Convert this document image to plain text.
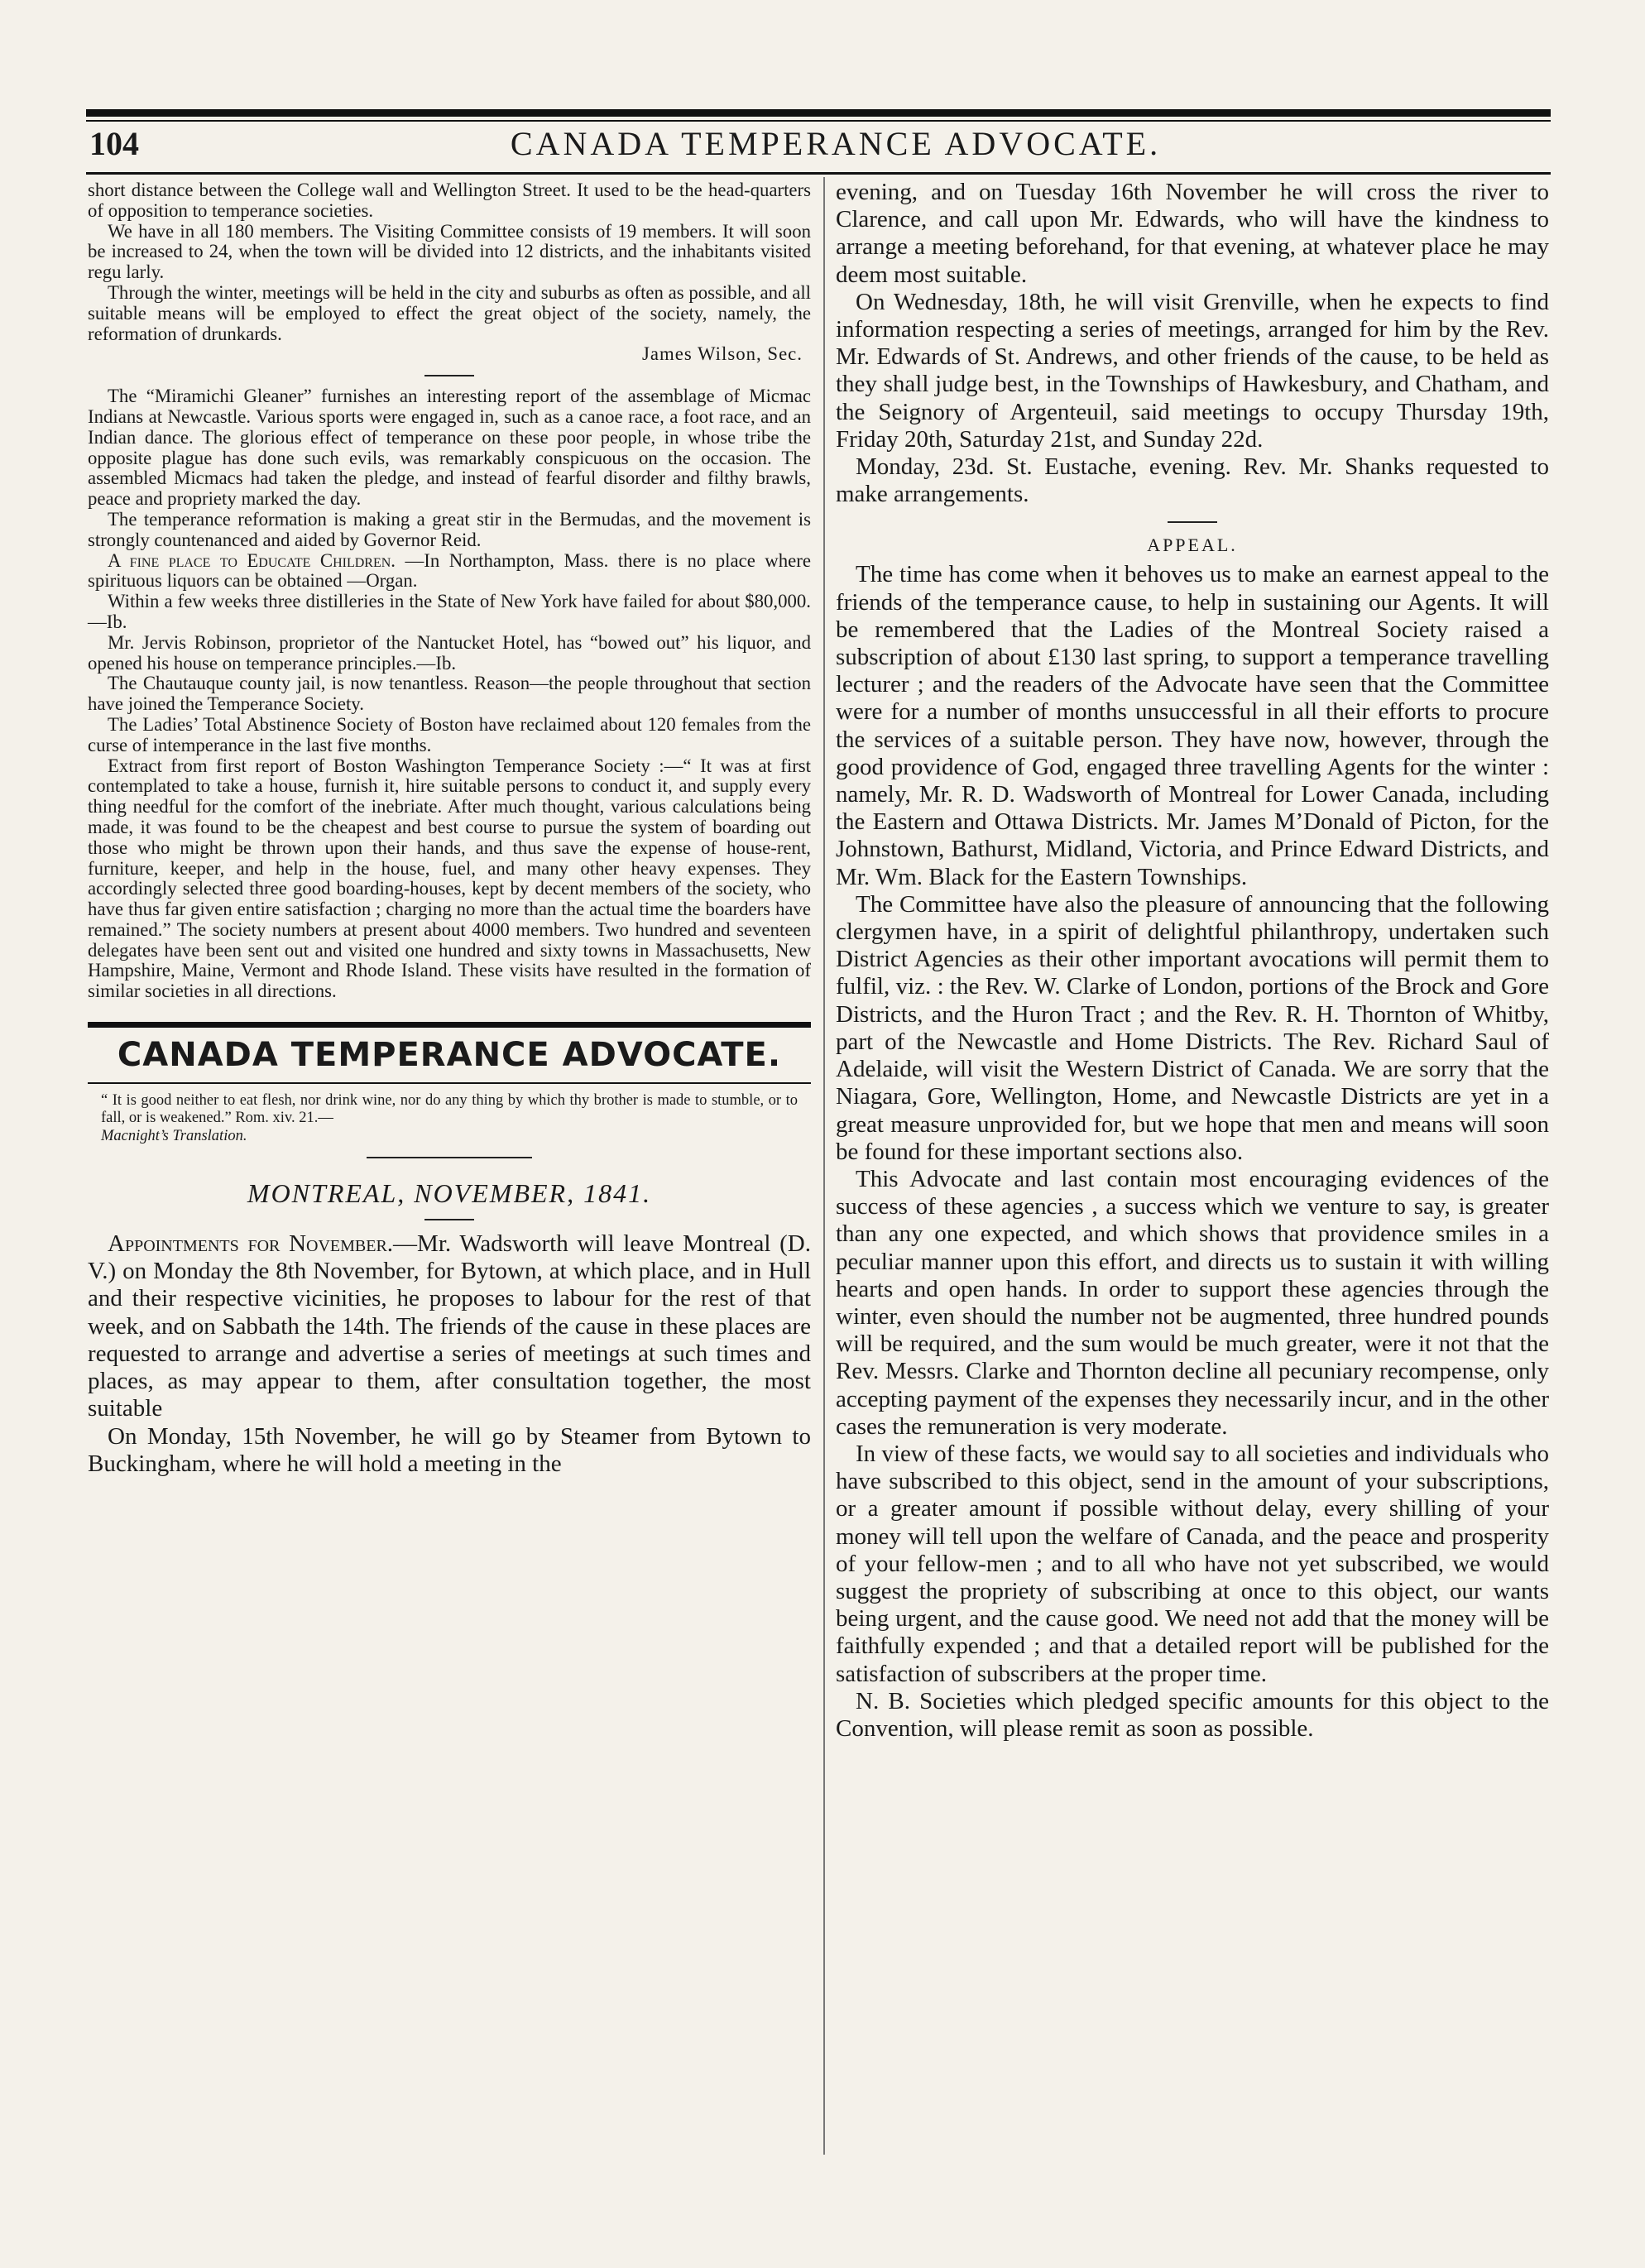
104	CANADA TEMPERANCE ADVOCATE.

short distance between the College wall and Wellington Street. It used to be the head-quarters of opposition to temperance societies.

We have in all 180 members. The Visiting Committee consists of 19 members. It will soon be increased to 24, when the town will be divided into 12 districts, and the inhabitants visited regu larly.

Through the winter, meetings will be held in the city and suburbs as often as possible, and all suitable means will be employed to effect the great object of the society, namely, the reformation of drunkards.

James Wilson, Sec.

The “Miramichi Gleaner” furnishes an interesting report of the assemblage of Micmac Indians at Newcastle. Various sports were engaged in, such as a canoe race, a foot race, and an Indian dance. The glorious effect of temperance on these poor people, in whose tribe the opposite plague has done such evils, was remarkably conspicuous on the occasion. The assembled Micmacs had taken the pledge, and instead of fearful disorder and filthy brawls, peace and propriety marked the day.

The temperance reformation is making a great stir in the Bermudas, and the movement is strongly countenanced and aided by Governor Reid.

A fine place to Educate Children. —In Northampton, Mass. there is no place where spirituous liquors can be obtained —Organ.

Within a few weeks three distilleries in the State of New York have failed for about $80,000.—Ib.

Mr. Jervis Robinson, proprietor of the Nantucket Hotel, has “bowed out” his liquor, and opened his house on temperance principles.—Ib.

The Chautauque county jail, is now tenantless. Reason—the people throughout that section have joined the Temperance Society.

The Ladies’ Total Abstinence Society of Boston have reclaimed about 120 females from the curse of intemperance in the last five months.

Extract from first report of Boston Washington Temperance Society :—“ It was at first contemplated to take a house, furnish it, hire suitable persons to conduct it, and supply every thing needful for the comfort of the inebriate. After much thought, various calculations being made, it was found to be the cheapest and best course to pursue the system of boarding out those who might be thrown upon their hands, and thus save the expense of house-rent, furniture, keeper, and help in the house, fuel, and many other heavy expenses. They accordingly selected three good boarding-houses, kept by decent members of the society, who have thus far given entire satisfaction ; charging no more than the actual time the boarders have remained.” The society numbers at present about 4000 members. Two hundred and seventeen delegates have been sent out and visited one hundred and sixty towns in Massachusetts, New Hampshire, Maine, Vermont and Rhode Island. These visits have resulted in the formation of similar societies in all directions.

CANADA TEMPERANCE ADVOCATE.

“ It is good neither to eat flesh, nor drink wine, nor do any thing by which thy brother is made to stumble, or to fall, or is weakened.” Rom. xiv. 21.—

Macnight’s Translation.

MONTREAL, NOVEMBER, 1841.

Appointments for November.—Mr. Wadsworth will leave Montreal (D. V.) on Monday the 8th November, for Bytown, at which place, and in Hull and their respective vicinities, he proposes to labour for the rest of that week, and on Sabbath the 14th. The friends of the cause in these places are requested to arrange and advertise a series of meetings at such times and places, as may appear to them, after consultation together, the most suitable

On Monday, 15th November, he will go by Steamer from Bytown to Buckingham, where he will hold a meeting in the

evening, and on Tuesday 16th November he will cross the river to Clarence, and call upon Mr. Edwards, who will have the kindness to arrange a meeting beforehand, for that evening, at whatever place he may deem most suitable.

On Wednesday, 18th, he will visit Grenville, when he expects to find information respecting a series of meetings, arranged for him by the Rev. Mr. Edwards of St. Andrews, and other friends of the cause, to be held as they shall judge best, in the Townships of Hawkesbury, and Chatham, and the Seignory of Argenteuil, said meetings to occupy Thursday 19th, Friday 20th, Saturday 21st, and Sunday 22d.

Monday, 23d. St. Eustache, evening. Rev. Mr. Shanks requested to make arrangements.

APPEAL.

The time has come when it behoves us to make an earnest appeal to the friends of the temperance cause, to help in sustaining our Agents. It will be remembered that the Ladies of the Montreal Society raised a subscription of about £130 last spring, to support a temperance travelling lecturer ; and the readers of the Advocate have seen that the Committee were for a number of months unsuccessful in all their efforts to procure the services of a suitable person. They have now, however, through the good providence of God, engaged three travelling Agents for the winter : namely, Mr. R. D. Wadsworth of Montreal for Lower Canada, including the Eastern and Ottawa Districts. Mr. James M’Donald of Picton, for the Johnstown, Bathurst, Midland, Victoria, and Prince Edward Districts, and Mr. Wm. Black for the Eastern Townships.

The Committee have also the pleasure of announcing that the following clergymen have, in a spirit of delightful philanthropy, undertaken such District Agencies as their other important avocations will permit them to fulfil, viz. : the Rev. W. Clarke of London, portions of the Brock and Gore Districts, and the Huron Tract ; and the Rev. R. H. Thornton of Whitby, part of the Newcastle and Home Districts. The Rev. Richard Saul of Adelaide, will visit the Western District of Canada. We are sorry that the Niagara, Gore, Wellington, Home, and Newcastle Districts are yet in a great measure unprovided for, but we hope that men and means will soon be found for these important sections also.

This Advocate and last contain most encouraging evidences of the success of these agencies , a success which we venture to say, is greater than any one expected, and which shows that providence smiles in a peculiar manner upon this effort, and directs us to sustain it with willing hearts and open hands. In order to support these agencies through the winter, even should the number not be augmented, three hundred pounds will be required, and the sum would be much greater, were it not that the Rev. Messrs. Clarke and Thornton decline all pecuniary recompense, only accepting payment of the expenses they necessarily incur, and in the other cases the remuneration is very moderate.

In view of these facts, we would say to all societies and individuals who have subscribed to this object, send in the amount of your subscriptions, or a greater amount if possible without delay, every shilling of your money will tell upon the welfare of Canada, and the peace and prosperity of your fellow-men ; and to all who have not yet subscribed, we would suggest the propriety of subscribing at once to this object, our wants being urgent, and the cause good. We need not add that the money will be faithfully expended ; and that a detailed report will be published for the satisfaction of subscribers at the proper time.

N. B. Societies which pledged specific amounts for this object to the Convention, will please remit as soon as possible.
